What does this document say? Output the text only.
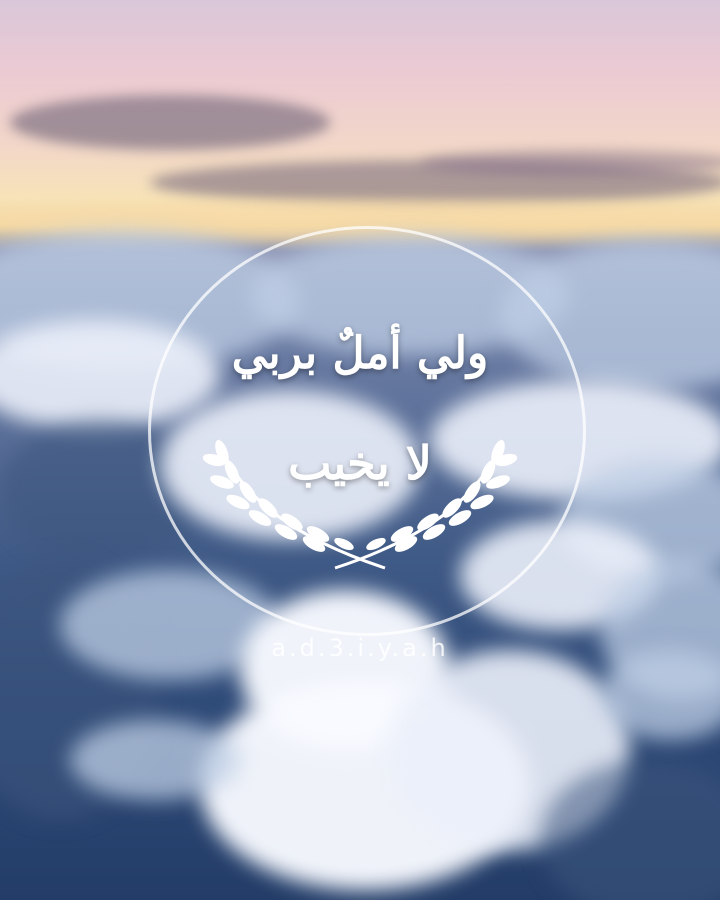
ولي أملٌ بربي
لا يخيب
a.d.3.i.y.a.h
